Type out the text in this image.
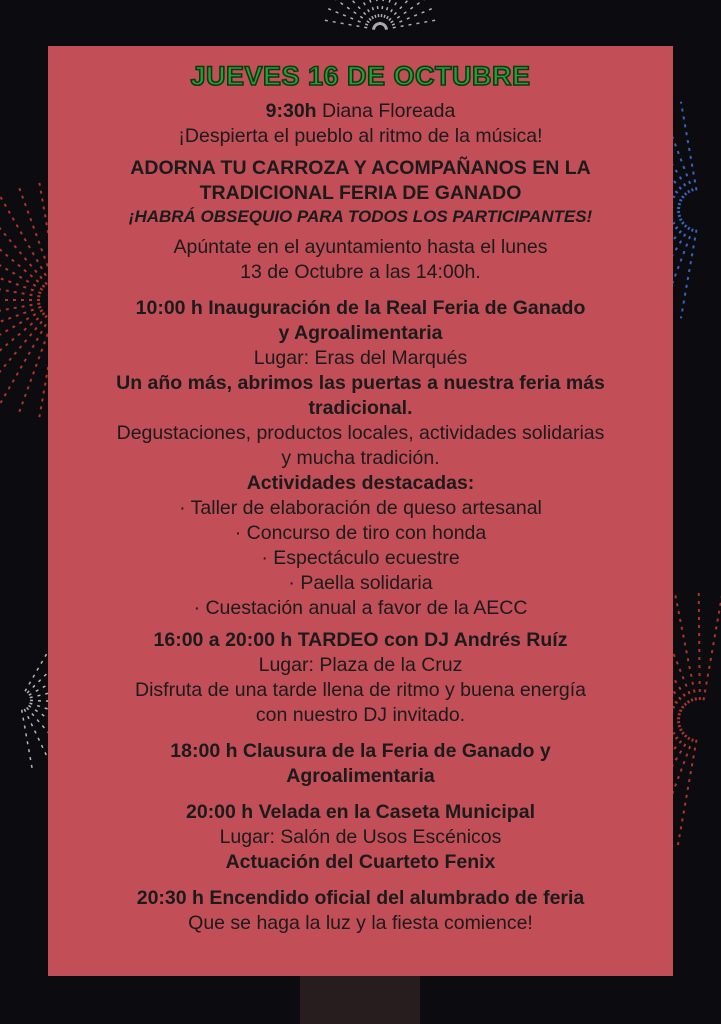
JUEVES 16 DE OCTUBRE

9:30h Diana Floreada

¡Despierta el pueblo al ritmo de la música!

ADORNA TU CARROZA Y ACOMPAÑANOS EN LA

TRADICIONAL FERIA DE GANADO

¡HABRÁ OBSEQUIO PARA TODOS LOS PARTICIPANTES!

Apúntate en el ayuntamiento hasta el lunes

13 de Octubre a las 14:00h.

10:00 h Inauguración de la Real Feria de Ganado

y Agroalimentaria

Lugar: Eras del Marqués

Un año más, abrimos las puertas a nuestra feria más

tradicional.

Degustaciones, productos locales, actividades solidarias

y mucha tradición.

Actividades destacadas:

· Taller de elaboración de queso artesanal

· Concurso de tiro con honda

· Espectáculo ecuestre

· Paella solidaria

· Cuestación anual a favor de la AECC

16:00 a 20:00 h TARDEO con DJ Andrés Ruíz

Lugar: Plaza de la Cruz

Disfruta de una tarde llena de ritmo y buena energía

con nuestro DJ invitado.

18:00 h Clausura de la Feria de Ganado y

Agroalimentaria

20:00 h Velada en la Caseta Municipal

Lugar: Salón de Usos Escénicos

Actuación del Cuarteto Fenix

20:30 h Encendido oficial del alumbrado de feria

Que se haga la luz y la fiesta comience!
